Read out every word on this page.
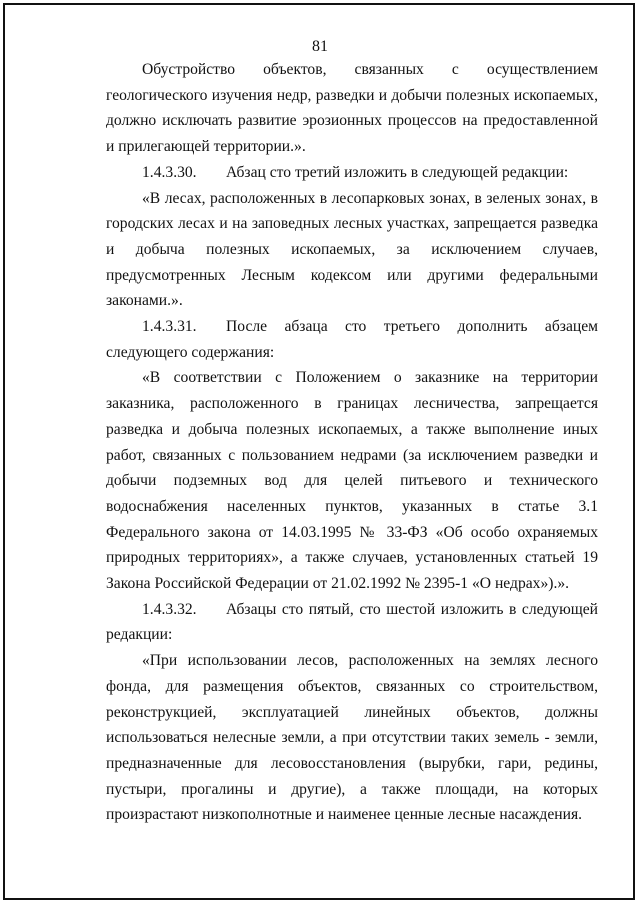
81

Обустройство объектов, связанных с осуществлением геологического изучения недр, разведки и добычи полезных ископаемых, должно исключать развитие эрозионных процессов на предоставленной и прилегающей территории.».

1.4.3.30. Абзац сто третий изложить в следующей редакции:

«В лесах, расположенных в лесопарковых зонах, в зеленых зонах, в городских лесах и на заповедных лесных участках, запрещается разведка и добыча полезных ископаемых, за исключением случаев, предусмотренных Лесным кодексом или другими федеральными законами.».

1.4.3.31. После абзаца сто третьего дополнить абзацем следующего содержания:

«В соответствии с Положением о заказнике на территории заказника, расположенного в границах лесничества, запрещается разведка и добыча полезных ископаемых, а также выполнение иных работ, связанных с пользованием недрами (за исключением разведки и добычи подземных вод для целей питьевого и технического водоснабжения населенных пунктов, указанных в статье 3.1 Федерального закона от 14.03.1995 № 33-ФЗ «Об особо охраняемых природных территориях», а также случаев, установленных статьей 19 Закона Российской Федерации от 21.02.1992 № 2395-1 «О недрах»).».

1.4.3.32. Абзацы сто пятый, сто шестой изложить в следующей редакции:

«При использовании лесов, расположенных на землях лесного фонда, для размещения объектов, связанных со строительством, реконструкцией, эксплуатацией линейных объектов, должны использоваться нелесные земли, а при отсутствии таких земель - земли, предназначенные для лесовосстановления (вырубки, гари, редины, пустыри, прогалины и другие), а также площади, на которых произрастают низкополнотные и наименее ценные лесные насаждения.
